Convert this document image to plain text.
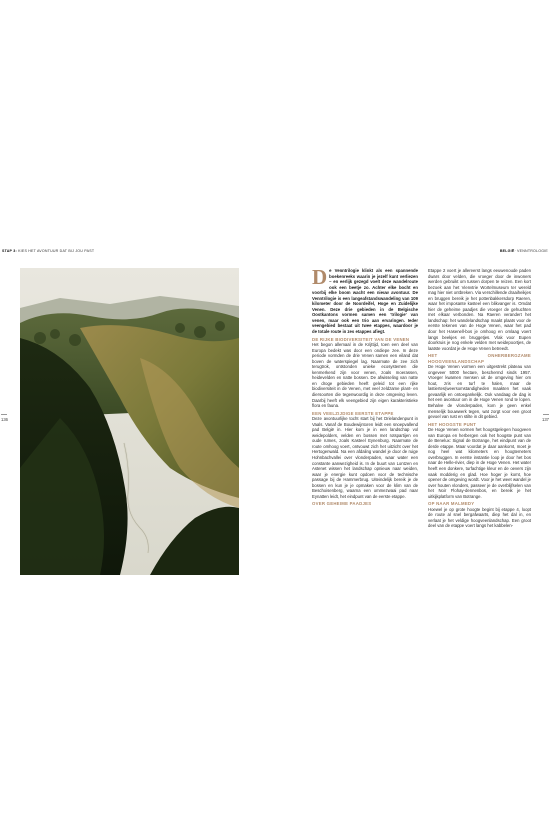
STAP 3: KIES HET AVONTUUR DAT BIJ JOU PAST	BELGIË· VENNTROLOGIE
136	137

D e Venntrilogie klinkt als een spannende boekenreeks waarin je jezelf kunt verliezen – en eerlijk gezegd voelt deze wandelroute ook een beetje zo. Achter elke bocht en voorbij elke boom wacht een nieuw avontuur. De Venntrilogie is een langeafstandswandeling van 109 kilometer door de Noordeifel, Hoge en Zuidelijke Venen. Deze drie gebieden in de Belgische Oostkantons vormen samen een 'trilogie' van venen, maar ook een trio aan ervaringen. Ieder veengebied bestaat uit twee etappes, waardoor je de totale route in zes etappes afiegt.

DE RIJKE BIODIVERSITEIT VAN DE VENEN

Het begon allemaal in de Krijttijd, toen een deel van Europa bedekt was door een ondiepe zee. In deze periode vormden de drie Venen samen een eiland dat boven de waterspiegel lag. Naarmate de zee zich terugtrok, ontstonden unieke ecosystemen die kenmerkend zijn voor venen, zoals moerassen, heidevelden en natte bossen. De afwisseling van natte en droge gebieden heeft geleid tot een rijke biodiversiteit in de Venen, met veel zeldzame plant- en diersoorten die tegenwoordig in deze omgeving leven. Daarbij heeft elk veengebied zijn eigen karakteristieke flora en fauna.

EEN VEELZIJDIGE EERSTE ETAPPE

Deze avontuurlijke tocht start bij het Drielandenpunt in Vaals. Vanaf de Boudewijntoren leidt een snoepvallend pad België in. Hier kom je in een landschap vol weidepolders, velden en bossen met rotspartijen en oude ruïnes, zoals Kasteel Eynenburg. Naarmate de route omhoog voert, ontvouwt zich het uitzicht over het Hertogenwald. Na een afdaling wandel je door de ruige Hohnbachvallei over vlonderpaden, waar water een constante aanwezigheid is. In de buurt van Lontzen en Astenet wissen het landschap opnieuw naar weiden, waar je energie kunt opdoen voor de technische passage bij de Hammerbrug. Uiteindelijk bereik je de bossen en kun je je opmaken voor de klim van de Beschoisenberg, waarna een ommezwaai pad naar Eynatten leidt, het eindpunt van de eerste etappe.

OVER GEHEIME PAADJES

Etappe 2 voert je allereerst langs eeuwenoude paden dwars door velden, die vroeger door de inwoners werden gebruikt om tussen dorpen te reizen. Een kort bezoek aan het Vienvtrie Wortelmuseum ter wereld mag hier niet ontbreken. Via verschillende draaiheikjes en bruggen bereik je het pottenbakkersdorp Raeren, waar het imposante kasteel een blikvanger is. Omdat hier de geheime paadjes die vroeger de gehuchten met elkaar verbonden. Na Raeren verandert het landschap: het wandelandschap maakt plaats voor de eerste tekenen van de Hoge Venen, waar het pad door het Hasenell-bos je omhoog en omlaag voert langs beekjes en bruggetjes. Vlak voor Eupen doorkruis je nog enkele velden met weidepoortjes, de laatste voordat je de Hoge Venen betreedt.

HET ONHERBERGZAME HOOGVEENLANDSCHAP

De Hoge Venen vormen een uitgestrekt plateau van ongeveer 5000 hectare, beschermd sinds 1957. Vroeger kwamen mensen uit de omgeving hier om hout, zris en turf te halen, maar de lastiertes(weersomstandigheden maakten het vaak gevaarlijk en ontoegankelijk. Ook vandaag de dag is het een avontuur om in de Hoge Venen rond te lopen. Behalve de vlonderpaden, kom je geen enkel menselijk bouwwerk tegen, wat zorgt voor een groot gevoel van rust en stilte in dit gebied.

HET HOOGSTE PUNT

De Hoge Venen vormen het hoogstgelegen hoogveen van Europa en herbergen ook het hoogste punt van de Benelux: Signal de Botrange, het eindpunt van de derde etappe. Maar voordat je daar aankomt, moet je nog heel wat kilometers en hoogtemeters overbruggen. In eerste instantie loop je door het bos naar de Helle-rivier, diep in de Hoge Venen. Het water heeft een donkere, turfachtige kleur en de oevers zijn vaak modderig en glad. Hoe hoger je komt, hoe opener de omgeving wordt. Voor je het weet wandel je over houten vlonders, passeer je de overblijfselen van het Noir Flohay-dennenbos, en bereik je het uitkijkplatform van Botrange.

OP NAAR MALMEDY

Hoewel je op grote hoogte begint bij etappe 4, loopt de route al snel bergafwaarts, diep het dal in, en verlaat je het veldige hoogveenlandschap. Een groot deel van de etappe voert langs het kabbelen-
